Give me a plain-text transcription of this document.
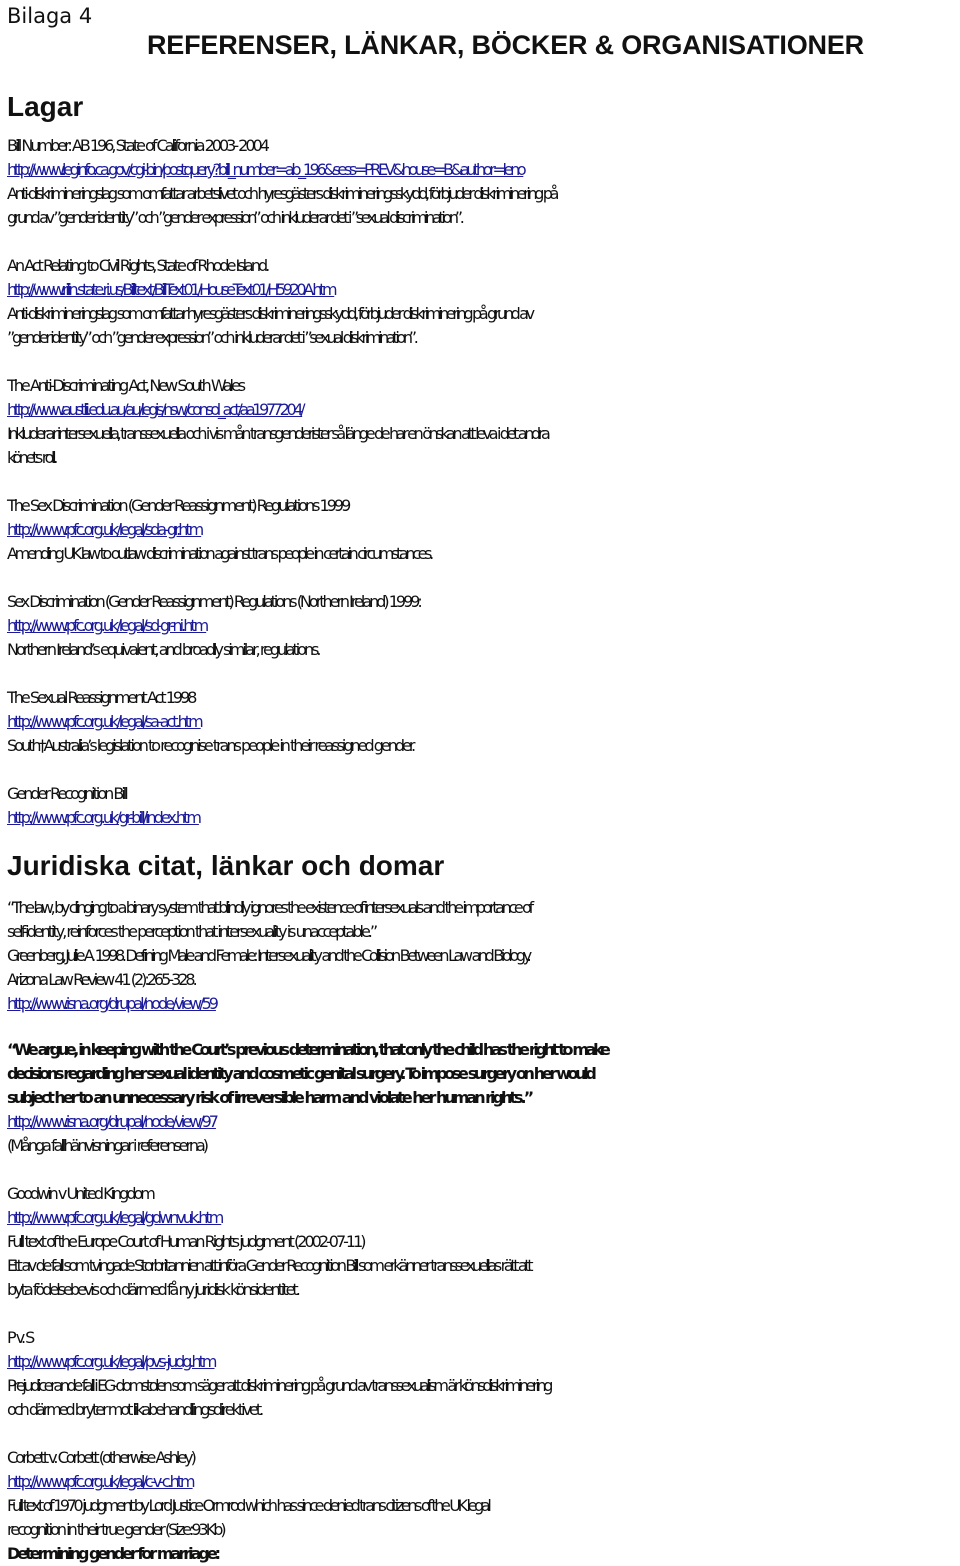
Bilaga 4
REFERENSER, LÄNKAR, BÖCKER & ORGANISATIONER
Lagar
Bill Number: AB 196, State of California 2003- 2004
http://www.leginfo.ca.gov/cgi-bin/postquery?bill_number=ab_196&sess=PREV&house=B&author=leno
Anti-diskrimineringslag som omfattar arbetslivet och hyresgästers diskrimineringsskydd, förbjuder diskriminering på
grund av ”gender identity” och ”gender expression” och inkluderar det i ”sexual discrimination”.
An Act Relating to Civil Rights, State of Rhode Island.
http://www.rilin.state.ri.us/Billtext/BillText01/HouseText01/H5920A.htm
Anti-diskrimineringslag som omfattar hyresgästers diskrimineringsskydd, förbjuder diskriminering på grund av
”gender identity” och ”gender expression” och inkluderar det i ”sexual diskrimination”.
The Anti-Discriminating Act, New South Wales
http://www.austlii.edu.au/au/legis/nsw/consol_act/aa1977204/
Inkluderar intersexuella, transsexuella och i vis mån transgenderister så länge de har en önskan att leva i det andra
könets roll.
The Sex Discrimination (Gender Reassignment) Regulations 1999
http://www.pfc.org.uk/legal/sda-gr.htm
Amending UK law to outlaw discrimination against trans people in certain circumstances.
Sex Discrimination (Gender Reassignment) Regulations (Northern Ireland) 1999:
http://www.pfc.org.uk/legal/sd-gr-ni.htm
Northern Ireland’s equivalent, and broadly similar, regulations.
The Sexual Reassignment Act 1998
http://www.pfc.org.uk/legal/sa-act.htm
South†Australia’s legislation to recognise trans people in their reassigned gender.
Gender Recognition Bill
http://www.pfc.org.uk/gr-bill/index.htm
Juridiska citat, länkar och domar
“The law, by clinging to a binary system that blindly ignores the existence of intersexuals and the importance of
self-identity, reinforces the perception that intersexuality is unacceptable.”
Greenberg, Julie A. 1998. Defining Male and Female: Intersexuality and the Collision Between Law and Biology.
Arizona Law Review 41 (2):265-328.
http://www.isna.org/drupal/node/view/59
“We argue, in keeping with the Court’s previous determination, that only the child has the right to make
decisions regarding her sexual identity and cosmetic genital surgery. To impose surgery on her would
subject her to an unnecessary risk of irreversible harm and violate her human rights.”
http://www.isna.org/drupal/node/view/97
(Många fallhänvisningar i referenserna)
Goodwin v United Kingdom
http://www.pfc.org.uk/legal/gdwnvuk.htm
Full text of the Europe Court of Human Rights judgment (2002-07-11)
Ett av de fall som tvingade Storbritannien att införa Gender Recognition Bill som erkänner transsexuellas rätt att
byta födelsebevis och därmed få ny juridisk könsidentitet.
P v. S
http://www.pfc.org.uk/legal/pvs-judg.htm
Prejudicerande fall i EG-domstolen som säger att diskriminering på grund av transsexualism är könsdiskriminering
och därmed bryter mot likabehandlingsdirektivet.
Corbett v. Corbett (otherwise Ashley)
http://www.pfc.org.uk/legal/c-v-c.htm
Full text of 1970 judgment by Lord Justice Ormrod which has since denied trans citizens of the UK legal
recognition in their true gender (Size:93Kb)
Determining gender for marriage:
